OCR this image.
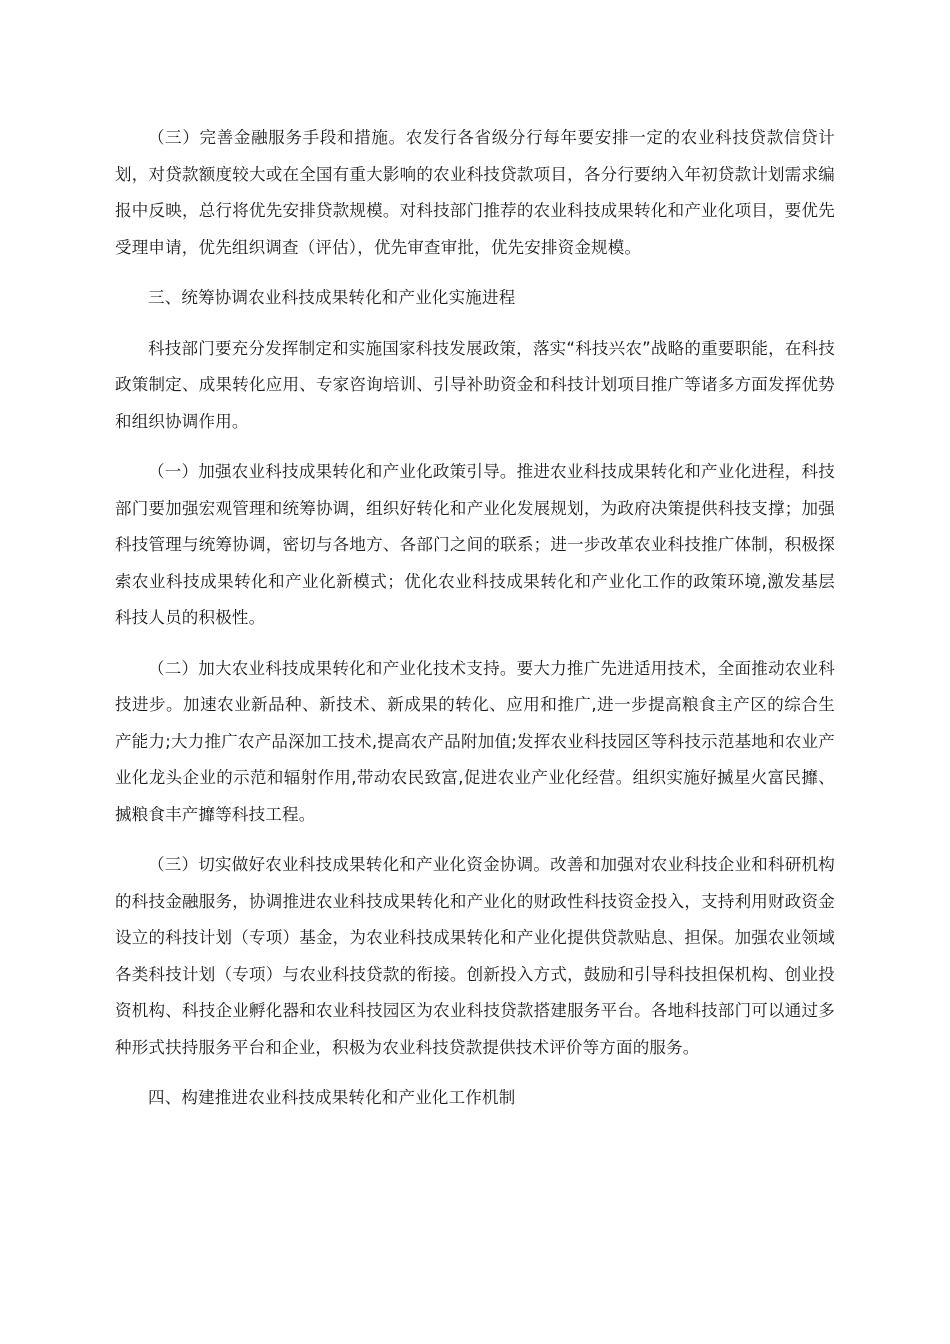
（三）完善金融服务手段和措施。农发行各省级分行每年要安排一定的农业科技贷款信贷计划，对贷款额度较大或在全国有重大影响的农业科技贷款项目，各分行要纳入年初贷款计划需求编报中反映，总行将优先安排贷款规模。对科技部门推荐的农业科技成果转化和产业化项目，要优先受理申请，优先组织调查（评估），优先审查审批，优先安排资金规模。

三、统筹协调农业科技成果转化和产业化实施进程

科技部门要充分发挥制定和实施国家科技发展政策，落实“科技兴农”战略的重要职能，在科技政策制定、成果转化应用、专家咨询培训、引导补助资金和科技计划项目推广等诸多方面发挥优势和组织协调作用。

（一）加强农业科技成果转化和产业化政策引导。推进农业科技成果转化和产业化进程，科技部门要加强宏观管理和统筹协调，组织好转化和产业化发展规划，为政府决策提供科技支撑；加强科技管理与统筹协调，密切与各地方、各部门之间的联系；进一步改革农业科技推广体制，积极探索农业科技成果转化和产业化新模式；优化农业科技成果转化和产业化工作的政策环境,激发基层科技人员的积极性。

（二）加大农业科技成果转化和产业化技术支持。要大力推广先进适用技术，全面推动农业科技进步。加速农业新品种、新技术、新成果的转化、应用和推广,进一步提高粮食主产区的综合生产能力;大力推广农产品深加工技术,提高农产品附加值;发挥农业科技园区等科技示范基地和农业产业化龙头企业的示范和辐射作用,带动农民致富,促进农业产业化经营。组织实施好搣星火富民攠、搣粮食丰产攠等科技工程。

（三）切实做好农业科技成果转化和产业化资金协调。改善和加强对农业科技企业和科研机构的科技金融服务，协调推进农业科技成果转化和产业化的财政性科技资金投入，支持利用财政资金设立的科技计划（专项）基金，为农业科技成果转化和产业化提供贷款贴息、担保。加强农业领域各类科技计划（专项）与农业科技贷款的衔接。创新投入方式，鼓励和引导科技担保机构、创业投资机构、科技企业孵化器和农业科技园区为农业科技贷款搭建服务平台。各地科技部门可以通过多种形式扶持服务平台和企业，积极为农业科技贷款提供技术评价等方面的服务。

四、构建推进农业科技成果转化和产业化工作机制
